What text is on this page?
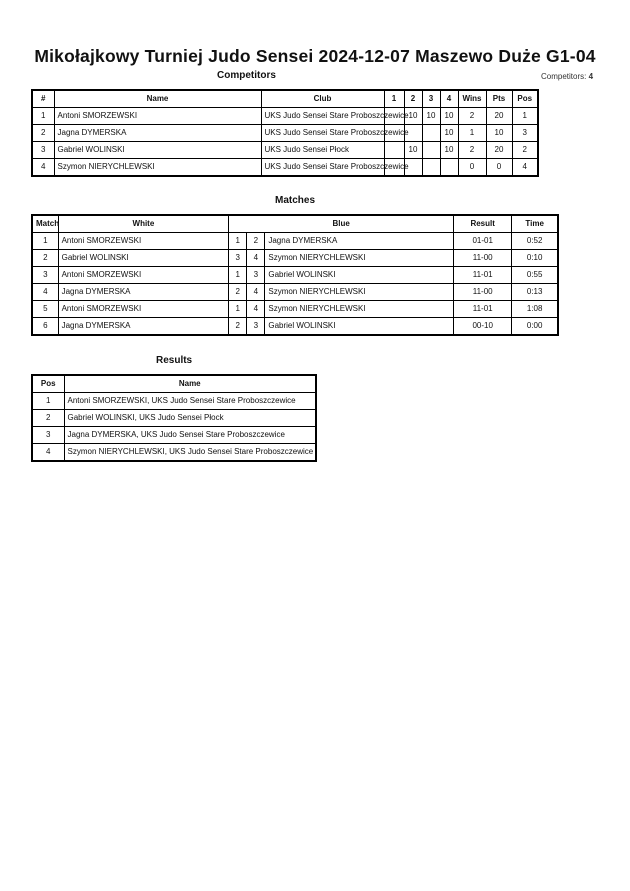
Mikołajkowy Turniej Judo Sensei 2024-12-07 Maszewo Duże G1-04
Competitors	Competitors: 4
#	Name	Club	1	2	3	4	Wins	Pts	Pos
1	Antoni SMORZEWSKI	UKS Judo Sensei Stare Proboszczewice		10	10	10	2	20	1
2	Jagna DYMERSKA	UKS Judo Sensei Stare Proboszczewice				10	1	10	3
3	Gabriel WOLINSKI	UKS Judo Sensei Płock		10		10	2	20	2
4	Szymon NIERYCHLEWSKI	UKS Judo Sensei Stare Proboszczewice					0	0	4
Matches
Match	White	Blue			Result	Time
1	Antoni SMORZEWSKI	1	2	Jagna DYMERSKA	01-01	0:52
2	Gabriel WOLINSKI	3	4	Szymon NIERYCHLEWSKI	11-00	0:10
3	Antoni SMORZEWSKI	1	3	Gabriel WOLINSKI	11-01	0:55
4	Jagna DYMERSKA	2	4	Szymon NIERYCHLEWSKI	11-00	0:13
5	Antoni SMORZEWSKI	1	4	Szymon NIERYCHLEWSKI	11-01	1:08
6	Jagna DYMERSKA	2	3	Gabriel WOLINSKI	00-10	0:00
Results
Pos	Name
1	Antoni SMORZEWSKI, UKS Judo Sensei Stare Proboszczewice
2	Gabriel WOLINSKI, UKS Judo Sensei Płock
3	Jagna DYMERSKA, UKS Judo Sensei Stare Proboszczewice
4	Szymon NIERYCHLEWSKI, UKS Judo Sensei Stare Proboszczewice
